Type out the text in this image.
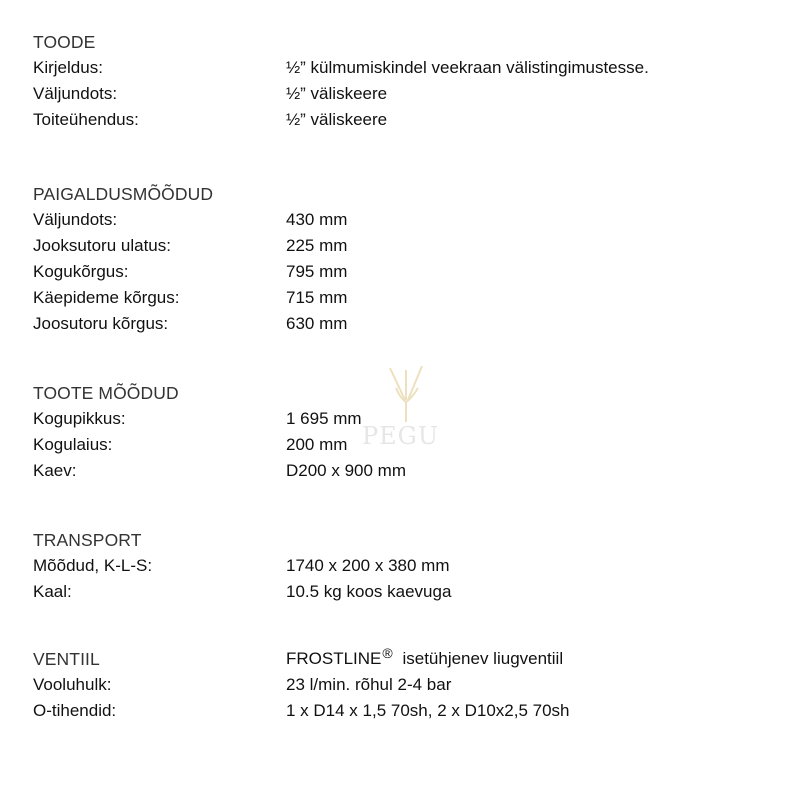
PEGU
TOODE
Kirjeldus:	½” külmumiskindel veekraan välistingimustesse.
Väljundots:	½” väliskeere
Toiteühendus:	½” väliskeere
PAIGALDUSMÕÕDUD
Väljundots:	430 mm
Jooksutoru ulatus:	225 mm
Kogukõrgus:	795 mm
Käepideme kõrgus:	715 mm
Joosutoru kõrgus:	630 mm
TOOTE MÕÕDUD
Kogupikkus:	1 695 mm
Kogulaius:	200 mm
Kaev:	D200 x 900 mm
TRANSPORT
Mõõdud, K-L-S:	1740 x 200 x 380 mm
Kaal:	10.5 kg koos kaevuga
VENTIIL	FROSTLINE® isetühjenev liugventiil
Vooluhulk:	23 l/min. rõhul 2-4 bar
O-tihendid:	1 x D14 x 1,5 70sh, 2 x D10x2,5 70sh
